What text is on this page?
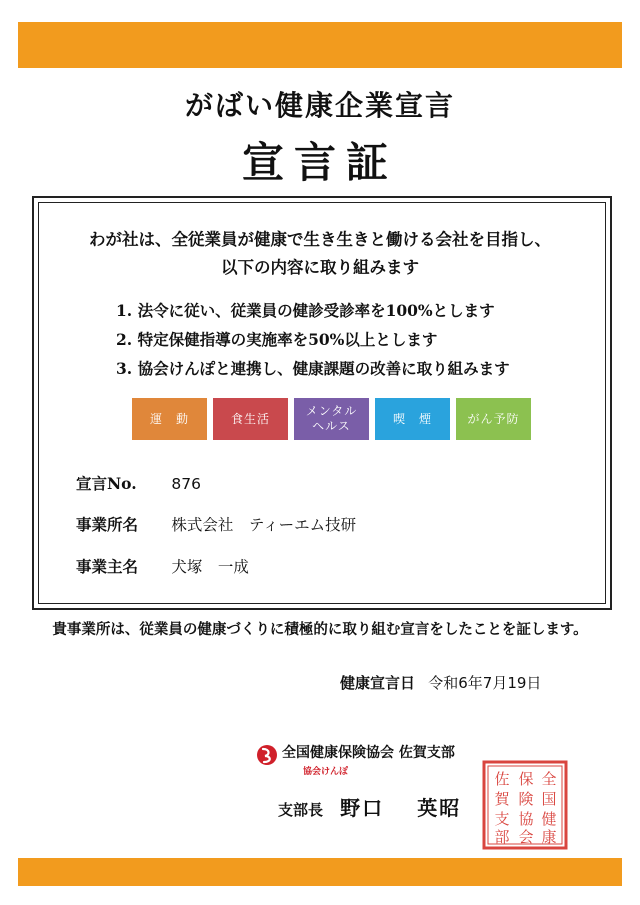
がばい健康企業宣言
宣言証
わが社は、全従業員が健康で生き生きと働ける会社を目指し、
以下の内容に取り組みます
1. 法令に従い、従業員の健診受診率を100%とします
2. 特定保健指導の実施率を50%以上とします
3. 協会けんぽと連携し、健康課題の改善に取り組みます
運　動	食生活
メンタル
ヘルス
喫　煙	がん予防
宣言No. 876
事業所名 株式会社　ティーエム技研
事業主名 犬塚　一成
貴事業所は、従業員の健康づくりに積極的に取り組む宣言をしたことを証します。
健康宣言日 令和6年7月19日
全国健康保険協会 佐賀支部
協会けんぽ
支部長 野口 英昭
全
国
健
康
保
険
協
会
佐
賀
支
部
